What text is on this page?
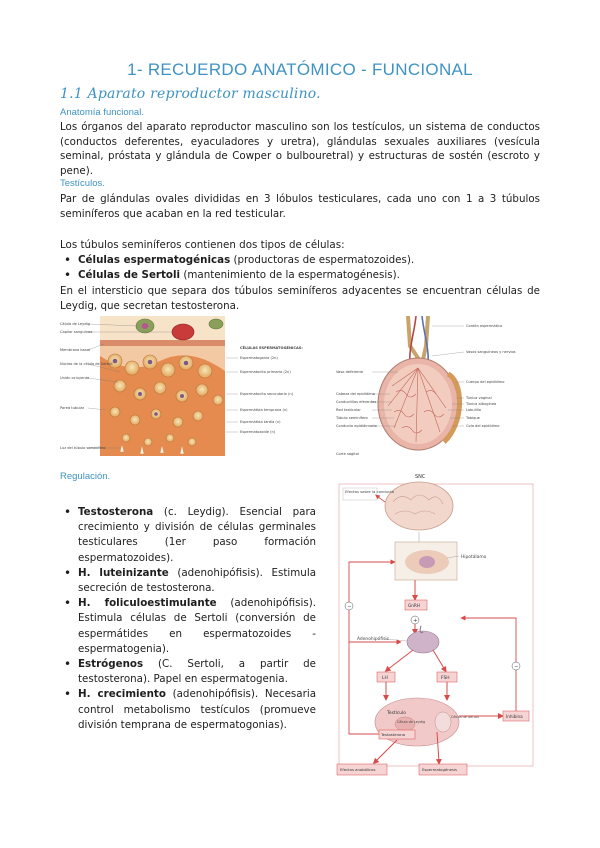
1- RECUERDO ANATÓMICO - FUNCIONAL
1.1 Aparato reproductor masculino.
Anatomía funcional.
Los órganos del aparato reproductor masculino son los testículos, un sistema de conductos (conductos deferentes, eyaculadores y uretra), glándulas sexuales auxiliares (vesícula seminal, próstata y glándula de Cowper o bulbouretral) y estructuras de sostén (escroto y pene).
Testículos.
Par de glándulas ovales divididas en 3 lóbulos testiculares, cada uno con 1 a 3 túbulos seminíferos que acaban en la red testicular.
Los túbulos seminíferos contienen dos tipos de células:
• Células espermatogénicas (productoras de espermatozoides).
• Células de Sertoli (mantenimiento de la espermatogénesis).
En el intersticio que separa dos túbulos seminíferos adyacentes se encuentran células de Leydig, que secretan testosterona.
Célula de Leydig
Capilar sanguíneo
Membrana basal
Núcleo de la célula de Sertoli
Unión ocluyente
Pared tubular
Luz del túbulo seminífero
CÉLULAS ESPERMATOGÉNICAS:
Espermatogonia (2n)
Espermatocito primario (2n)
Espermatocito secundario (n)
Espermátida temprana (n)
Espermátida tardía (n)
Espermatozoide (n)
Vaso deferente
Cabeza del epidídimo
Conductillos eferentes
Red testicular
Túbulo seminífero
Conducto epididimario
Cordón espermático
Vasos sanguíneos y nervios
Cuerpo del epidídimo
Túnica vaginal
Túnica albugínea
Lobulillo
Tabique
Cola del epidídimo
Corte sagital
Regulación.
• Testosterona (c. Leydig). Esencial para crecimiento y división de células germinales testiculares (1er paso formación espermatozoides).
• H. luteinizante (adenohipófisis). Estimula secreción de testosterona.
• H. foliculoestimulante (adenohipófisis). Estimula células de Sertoli (conversión de espermátides en espermatozoides - espermatogenia).
• Estrógenos (C. Sertoli, a partir de testosterona). Papel en espermatogenia.
• H. crecimiento (adenohipófisis). Necesaria control metabolismo testículos (promueve división temprana de espermatogonias).
SNC
Efectos sobre la conducta
Hipotálamo
GnRH
+
Adenohipófisis
LH	FSH
Testículo
Célula de Leydig
Célula de Sertoli
Testosterona
Inhibina
−
−
Efectos anabólicos	Espermatogénesis
